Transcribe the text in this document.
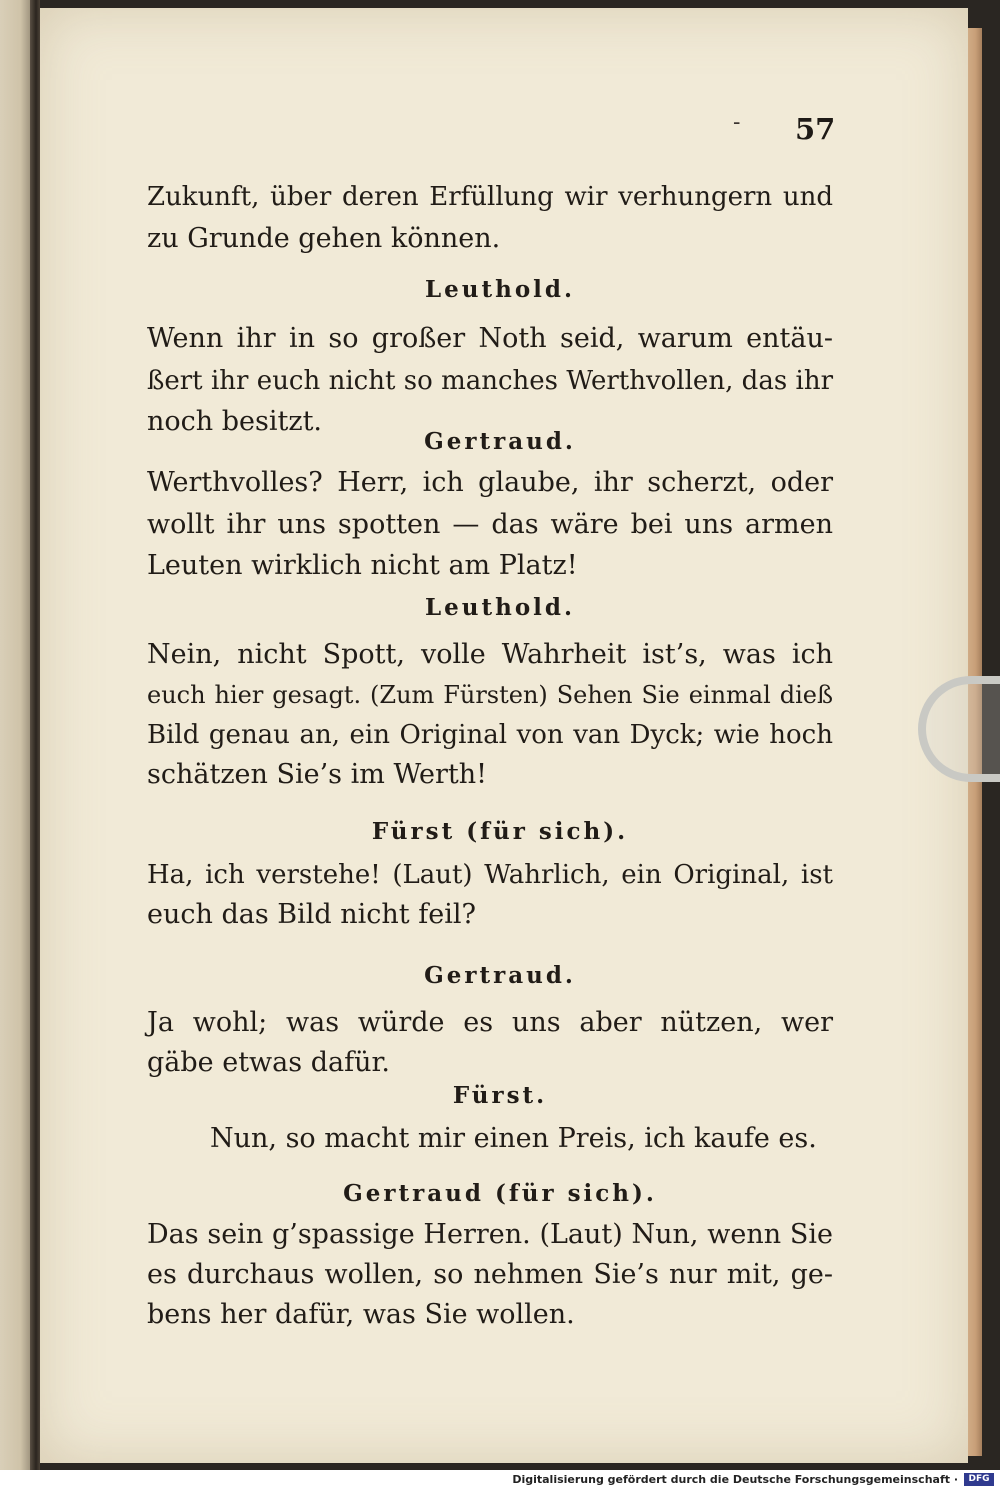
- 57
Zukunft, über deren Erfüllung wir verhungern und
zu Grunde gehen können.
Leuthold.
Wenn ihr in so großer Noth seid, warum entäu-
ßert ihr euch nicht so manches Werthvollen, das ihr
noch besitzt.
Gertraud.
Werthvolles? Herr, ich glaube, ihr scherzt, oder
wollt ihr uns spotten — das wäre bei uns armen
Leuten wirklich nicht am Platz!
Leuthold.
Nein, nicht Spott, volle Wahrheit ist’s, was ich
euch hier gesagt. (Zum Fürsten) Sehen Sie einmal dieß
Bild genau an, ein Original von van Dyck; wie hoch
schätzen Sie’s im Werth!
Fürst (für sich).
Ha, ich verstehe! (Laut) Wahrlich, ein Original, ist
euch das Bild nicht feil?
Gertraud.
Ja wohl; was würde es uns aber nützen, wer
gäbe etwas dafür.
Fürst.
Nun, so macht mir einen Preis, ich kaufe es.
Gertraud (für sich).
Das sein g’spassige Herren. (Laut) Nun, wenn Sie
es durchaus wollen, so nehmen Sie’s nur mit, ge-
bens her dafür, was Sie wollen.
Digitalisierung gefördert durch die Deutsche Forschungsgemeinschaft ·	DFG
